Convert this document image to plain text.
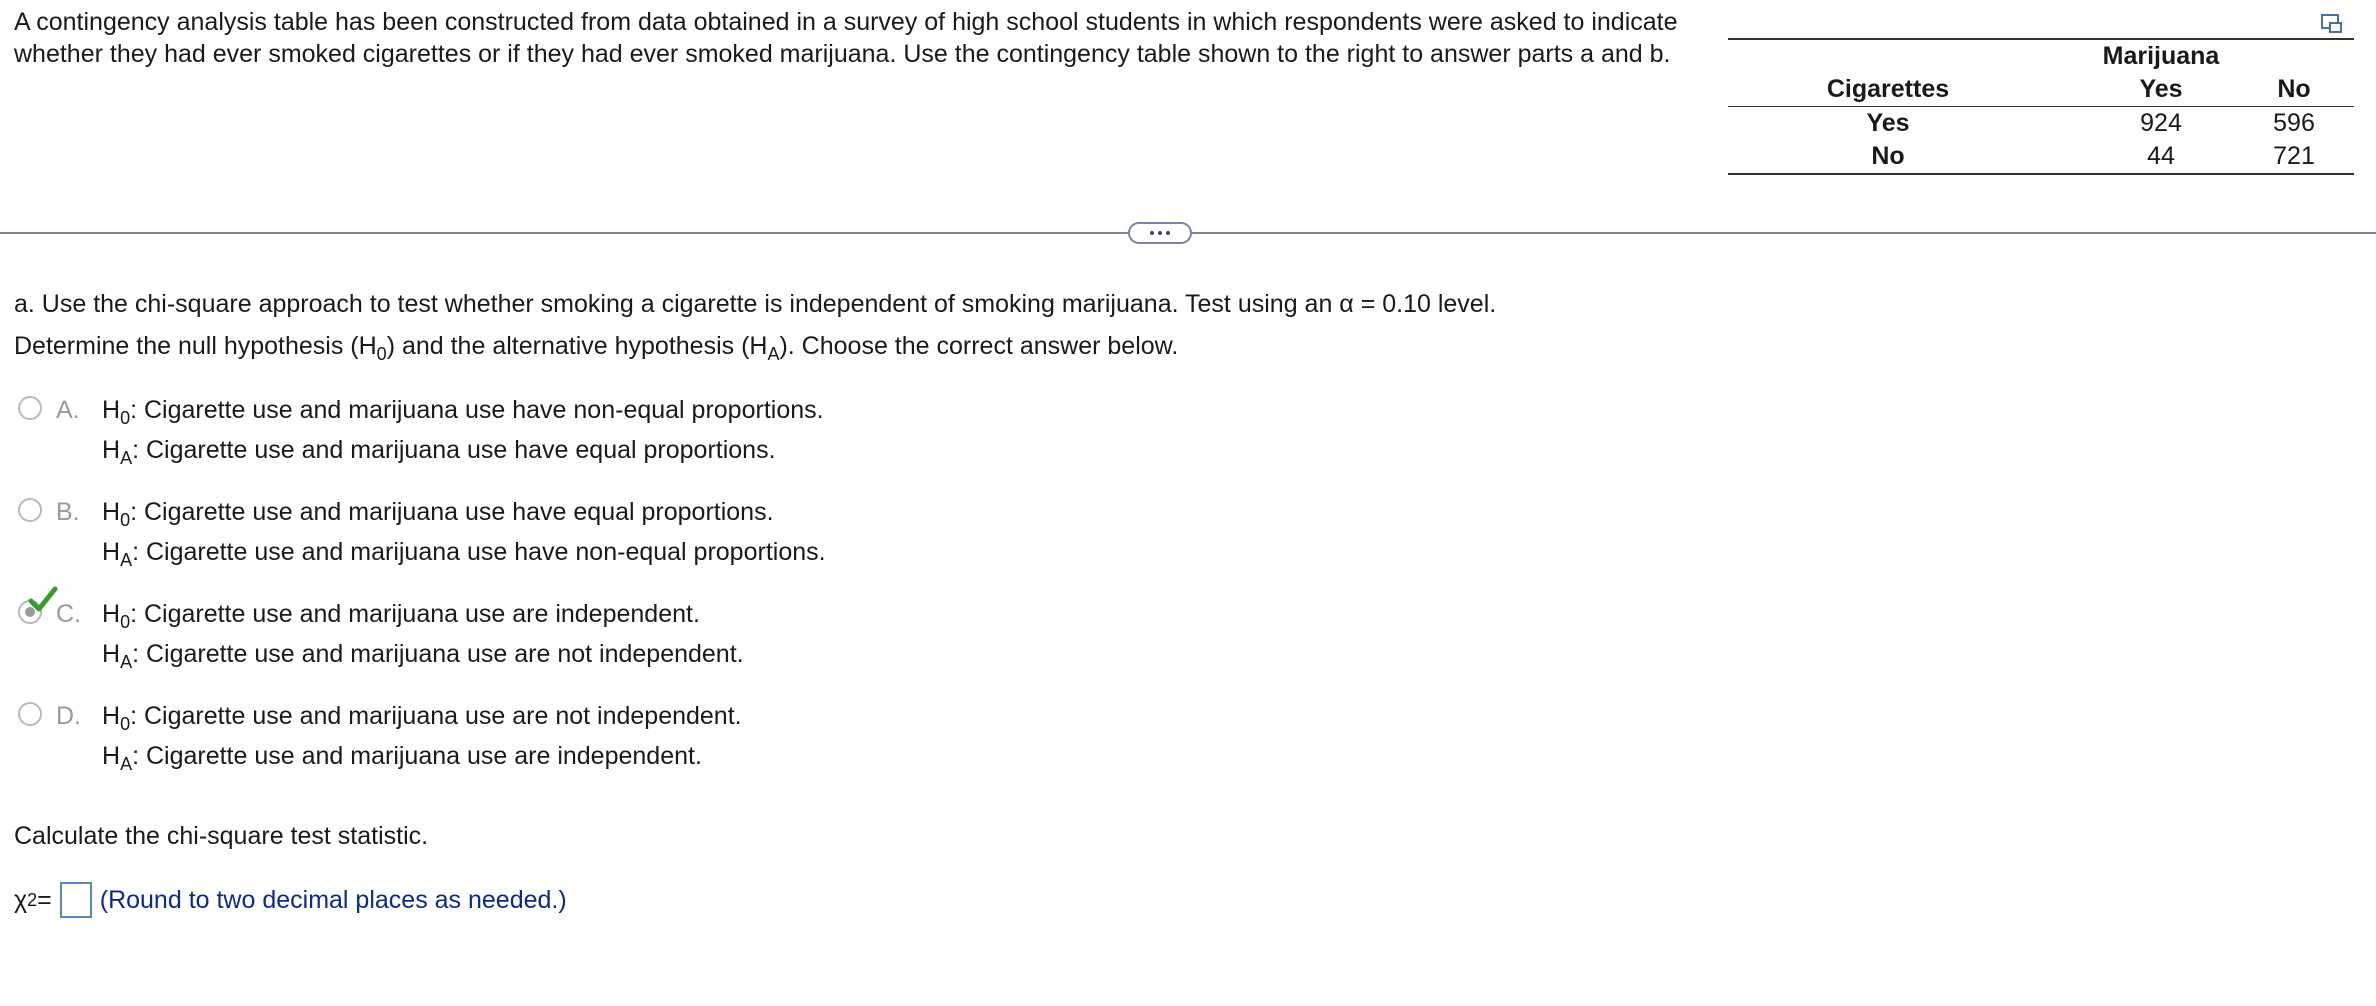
A contingency analysis table has been constructed from data obtained in a survey of high school students in which respondents were asked to indicate whether they had ever smoked cigarettes or if they had ever smoked marijuana. Use the contingency table shown to the right to answer parts a and b.
			Marijuana	
Cigarettes		Yes	No
Yes		924	596
No		44	721
a. Use the chi-square approach to test whether smoking a cigarette is independent of smoking marijuana. Test using an α = 0.10 level.
Determine the null hypothesis $(H_0)$ and the alternative hypothesis $(H_A)$. Choose the correct answer below.
A. $H_0$: Cigarette use and marijuana use have non-equal proportions.
$H_A$: Cigarette use and marijuana use have equal proportions.
B. $H_0$: Cigarette use and marijuana use have equal proportions.
$H_A$: Cigarette use and marijuana use have non-equal proportions.
C. $H_0$: Cigarette use and marijuana use are independent.
$H_A$: Cigarette use and marijuana use are not independent.
D. $H_0$: Cigarette use and marijuana use are not independent.
$H_A$: Cigarette use and marijuana use are independent.
Calculate the chi-square test statistic.
χ 2 = (Round to two decimal places as needed.)
